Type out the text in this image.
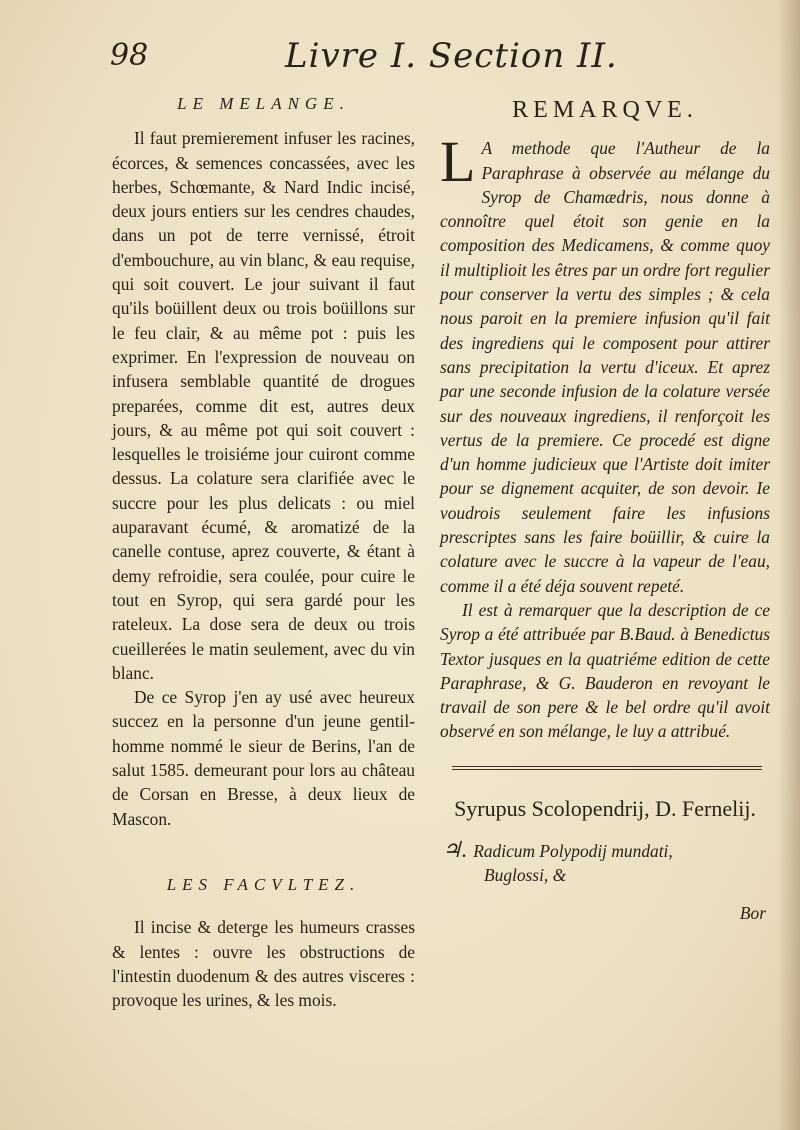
98	Livre I. Section II.
LE MELANGE.

Il faut premierement infuser les racines, écorces, & semences concassées, avec les herbes, Schœmante, & Nard Indic incisé, deux jours entiers sur les cendres chaudes, dans un pot de terre vernissé, étroit d'embouchure, au vin blanc, & eau requise, qui soit couvert. Le jour suivant il faut qu'ils boüillent deux ou trois boüillons sur le feu clair, & au même pot : puis les exprimer. En l'expression de nouveau on infusera semblable quantité de drogues preparées, comme dit est, autres deux jours, & au même pot qui soit couvert : lesquelles le troisiéme jour cuiront comme dessus. La colature sera clarifiée avec le succre pour les plus delicats : ou miel auparavant écumé, & aromatizé de la canelle contuse, aprez couverte, & étant à demy refroidie, sera coulée, pour cuire le tout en Syrop, qui sera gardé pour les rateleux. La dose sera de deux ou trois cueillerées le matin seulement, avec du vin blanc.

De ce Syrop j'en ay usé avec heureux succez en la personne d'un jeune gentil-homme nommé le sieur de Berins, l'an de salut 1585. demeurant pour lors au château de Corsan en Bresse, à deux lieux de Mascon.

LES FACVLTEZ.

Il incise & deterge les humeurs crasses & lentes : ouvre les obstructions de l'intestin duodenum & des autres visceres : provoque les urines, & les mois.

REMARQVE.

L A methode que l'Autheur de la Paraphrase à observée au mélange du Syrop de Chamædris, nous donne à connoître quel étoit son genie en la composition des Medicamens, & comme quoy il multiplioit les êtres par un ordre fort regulier pour conserver la vertu des simples ; & cela nous paroit en la premiere infusion qu'il fait des ingrediens qui le composent pour attirer sans precipitation la vertu d'iceux. Et aprez par une seconde infusion de la colature versée sur des nouveaux ingrediens, il renforçoit les vertus de la premiere. Ce procedé est digne d'un homme judicieux que l'Artiste doit imiter pour se dignement acquiter, de son devoir. Ie voudrois seulement faire les infusions prescriptes sans les faire boüillir, & cuire la colature avec le succre à la vapeur de l'eau, comme il a été déja souvent repeté.

Il est à remarquer que la description de ce Syrop a été attribuée par B.Baud. à Benedictus Textor jusques en la quatriéme edition de cette Paraphrase, & G. Bauderon en revoyant le travail de son pere & le bel ordre qu'il avoit observé en son mélange, le luy a attribué.

Syrupus Scolopendrij, D. Fernelij.

♃. Radicum Polypodij mundati,

Buglossi, &

Bor
